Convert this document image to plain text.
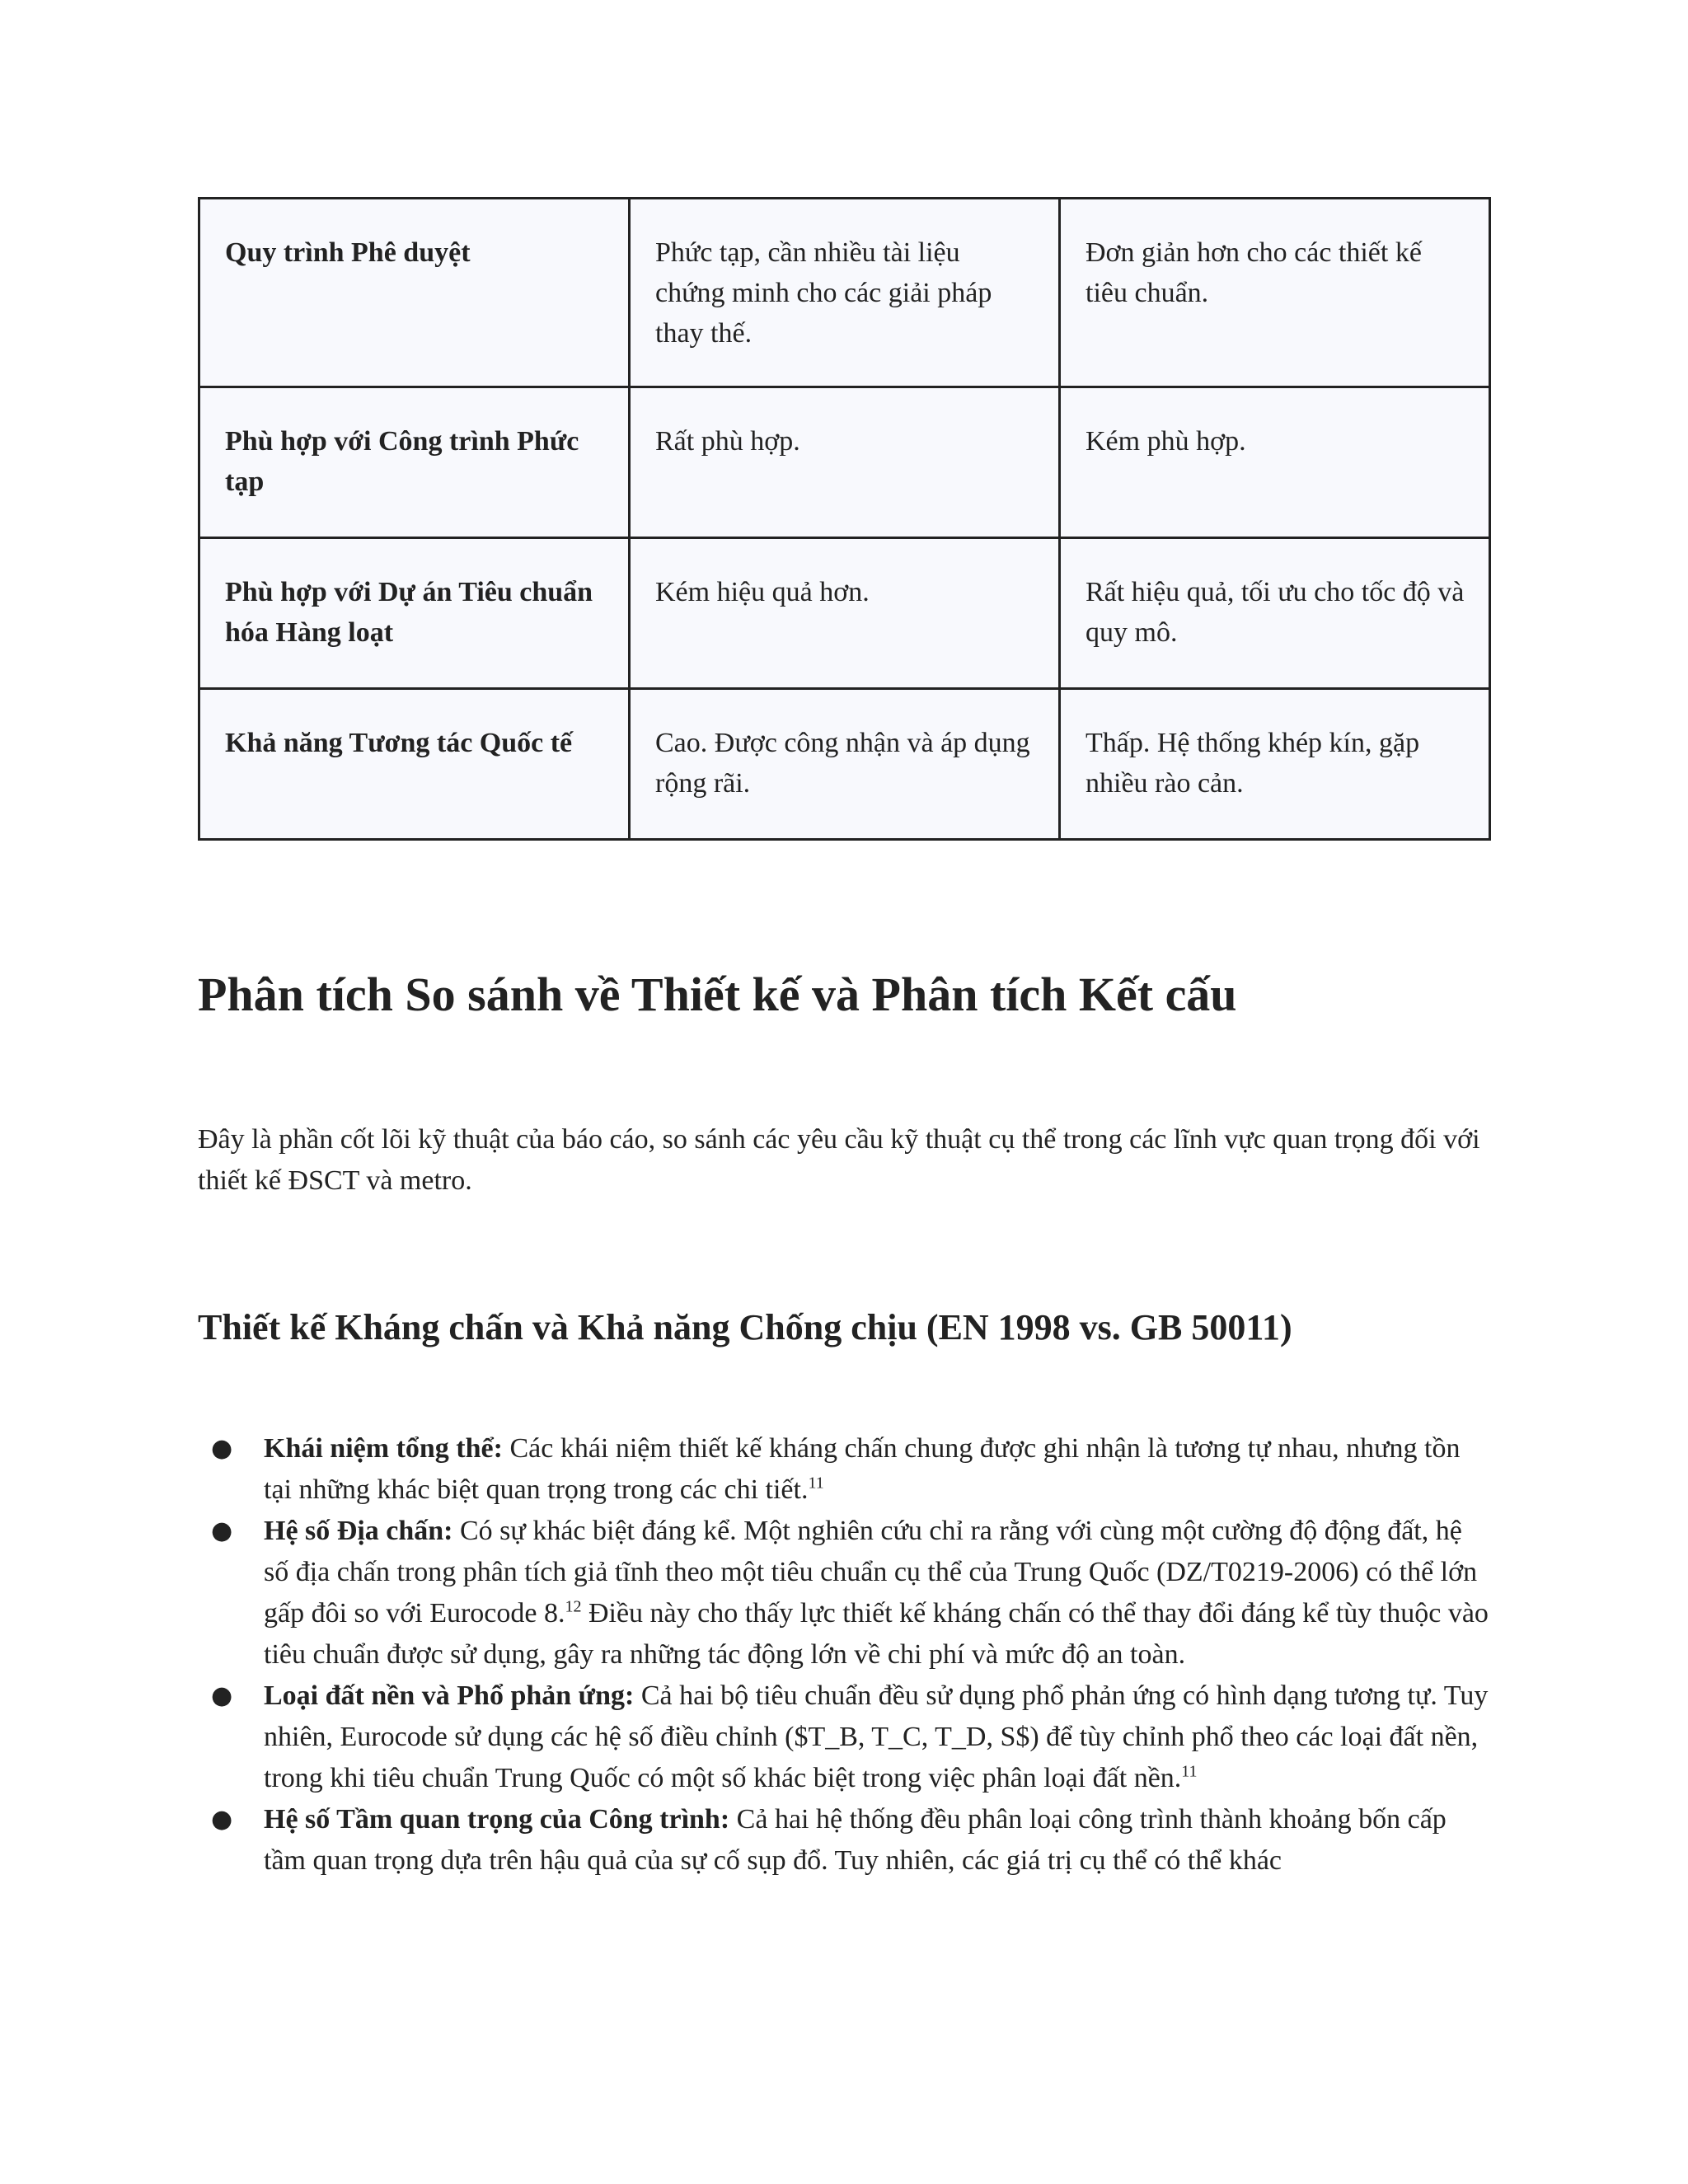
Quy trình Phê duyệt	Phức tạp, cần nhiều tài liệu chứng minh cho các giải pháp thay thế.	Đơn giản hơn cho các thiết kế tiêu chuẩn.
Phù hợp với Công trình Phức tạp	Rất phù hợp.	Kém phù hợp.
Phù hợp với Dự án Tiêu chuẩn hóa Hàng loạt	Kém hiệu quả hơn.	Rất hiệu quả, tối ưu cho tốc độ và quy mô.
Khả năng Tương tác Quốc tế	Cao. Được công nhận và áp dụng rộng rãi.	Thấp. Hệ thống khép kín, gặp nhiều rào cản.
Phân tích So sánh về Thiết kế và Phân tích Kết cấu

Đây là phần cốt lõi kỹ thuật của báo cáo, so sánh các yêu cầu kỹ thuật cụ thể trong các lĩnh vực quan trọng đối với thiết kế ĐSCT và metro.

Thiết kế Kháng chấn và Khả năng Chống chịu (EN 1998 vs. GB 50011)
● Khái niệm tổng thể: Các khái niệm thiết kế kháng chấn chung được ghi nhận là tương tự nhau, nhưng tồn tại những khác biệt quan trọng trong các chi tiết.$^{11}$
● Hệ số Địa chấn: Có sự khác biệt đáng kể. Một nghiên cứu chỉ ra rằng với cùng một cường độ động đất, hệ số địa chấn trong phân tích giả tĩnh theo một tiêu chuẩn cụ thể của Trung Quốc (DZ/T0219-2006) có thể lớn gấp đôi so với Eurocode 8.12 Điều này cho thấy lực thiết kế kháng chấn có thể thay đổi đáng kể tùy thuộc vào tiêu chuẩn được sử dụng, gây ra những tác động lớn về chi phí và mức độ an toàn.
● Loại đất nền và Phổ phản ứng: Cả hai bộ tiêu chuẩn đều sử dụng phổ phản ứng có hình dạng tương tự. Tuy nhiên, Eurocode sử dụng các hệ số điều chỉnh ($T_B, T_C, T_D, S$) để tùy chỉnh phổ theo các loại đất nền, trong khi tiêu chuẩn Trung Quốc có một số khác biệt trong việc phân loại đất nền.$^{11}$
● Hệ số Tầm quan trọng của Công trình: Cả hai hệ thống đều phân loại công trình thành khoảng bốn cấp tầm quan trọng dựa trên hậu quả của sự cố sụp đổ. Tuy nhiên, các giá trị cụ thể có thể khác
